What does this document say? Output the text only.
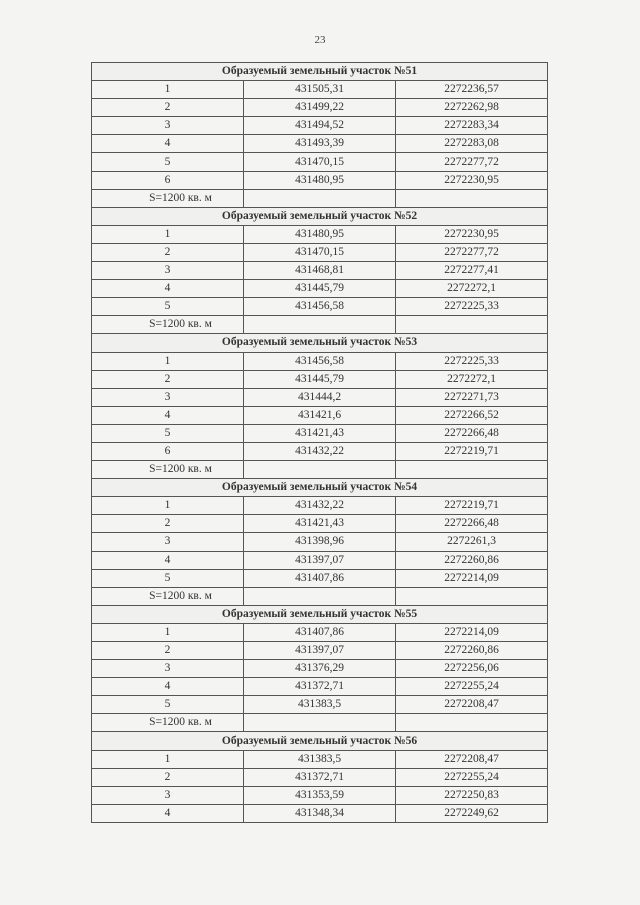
23
Образуемый земельный участок №51		
1	431505,31	2272236,57
2	431499,22	2272262,98
3	431494,52	2272283,34
4	431493,39	2272283,08
5	431470,15	2272277,72
6	431480,95	2272230,95
S=1200 кв. м		
Образуемый земельный участок №52		
1	431480,95	2272230,95
2	431470,15	2272277,72
3	431468,81	2272277,41
4	431445,79	2272272,1
5	431456,58	2272225,33
S=1200 кв. м		
Образуемый земельный участок №53		
1	431456,58	2272225,33
2	431445,79	2272272,1
3	431444,2	2272271,73
4	431421,6	2272266,52
5	431421,43	2272266,48
6	431432,22	2272219,71
S=1200 кв. м		
Образуемый земельный участок №54		
1	431432,22	2272219,71
2	431421,43	2272266,48
3	431398,96	2272261,3
4	431397,07	2272260,86
5	431407,86	2272214,09
S=1200 кв. м		
Образуемый земельный участок №55		
1	431407,86	2272214,09
2	431397,07	2272260,86
3	431376,29	2272256,06
4	431372,71	2272255,24
5	431383,5	2272208,47
S=1200 кв. м		
Образуемый земельный участок №56		
1	431383,5	2272208,47
2	431372,71	2272255,24
3	431353,59	2272250,83
4	431348,34	2272249,62
